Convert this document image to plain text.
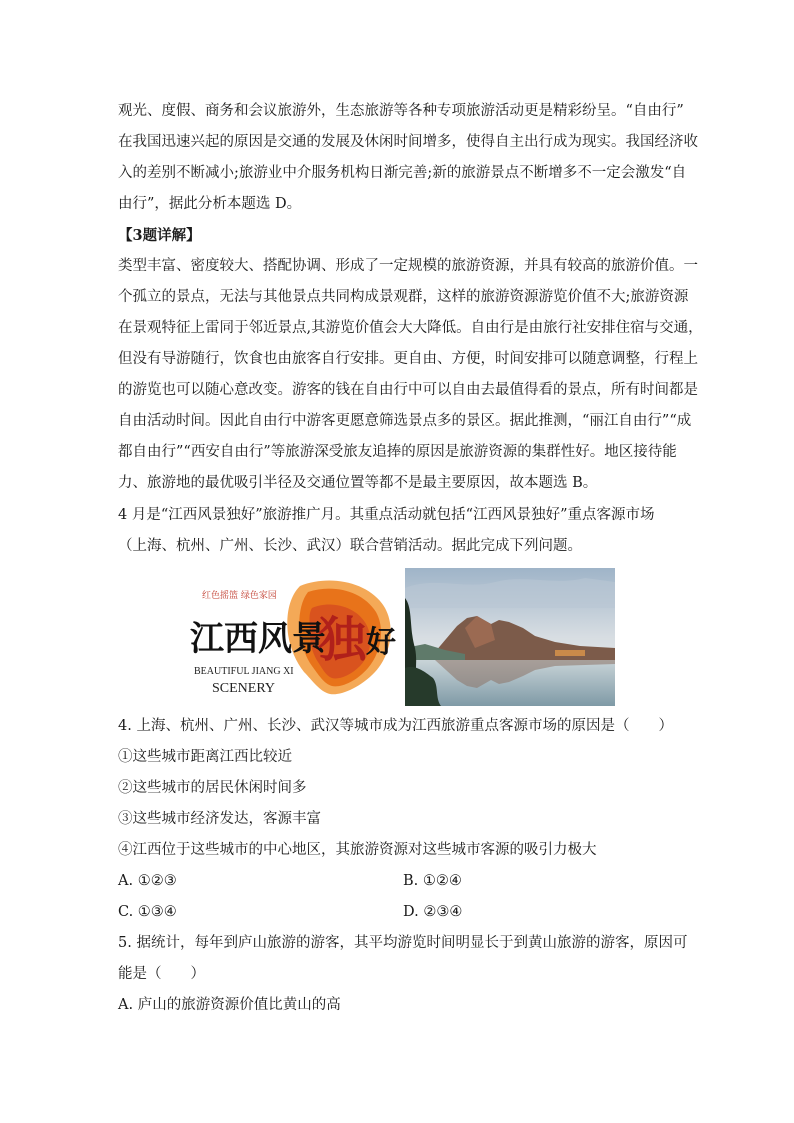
观光、度假、商务和会议旅游外，生态旅游等各种专项旅游活动更是精彩纷呈。“自由行”
在我国迅速兴起的原因是交通的发展及休闲时间增多，使得自主出行成为现实。我国经济收
入的差别不断减小;旅游业中介服务机构日渐完善;新的旅游景点不断增多不一定会激发“自
由行”，据此分析本题选 D。
【3题详解】
类型丰富、密度较大、搭配协调、形成了一定规模的旅游资源，并具有较高的旅游价值。一
个孤立的景点，无法与其他景点共同构成景观群，这样的旅游资源游览价值不大;旅游资源
在景观特征上雷同于邻近景点,其游览价值会大大降低。自由行是由旅行社安排住宿与交通，
但没有导游随行，饮食也由旅客自行安排。更自由、方便，时间安排可以随意调整，行程上
的游览也可以随心意改变。游客的钱在自由行中可以自由去最值得看的景点，所有时间都是
自由活动时间。因此自由行中游客更愿意筛选景点多的景区。据此推测，“丽江自由行”“成
都自由行”“西安自由行”等旅游深受旅友追捧的原因是旅游资源的集群性好。地区接待能
力、旅游地的最优吸引半径及交通位置等都不是最主要原因，故本题选 B。
4 月是“江西风景独好”旅游推广月。其重点活动就包括“江西风景独好”重点客源市场
（上海、杭州、广州、长沙、武汉）联合营销活动。据此完成下列问题。
红色摇篮 绿色家园
江西风景
独 好
BEAUTIFUL JIANG XI
SCENERY
4. 上海、杭州、广州、长沙、武汉等城市成为江西旅游重点客源市场的原因是（　　）
①这些城市距离江西比较近
②这些城市的居民休闲时间多
③这些城市经济发达，客源丰富
④江西位于这些城市的中心地区，其旅游资源对这些城市客源的吸引力极大
A. ①②③	B. ①②④
C. ①③④	D. ②③④
5. 据统计，每年到庐山旅游的游客，其平均游览时间明显长于到黄山旅游的游客，原因可
能是（　　）
A. 庐山的旅游资源价值比黄山的高
